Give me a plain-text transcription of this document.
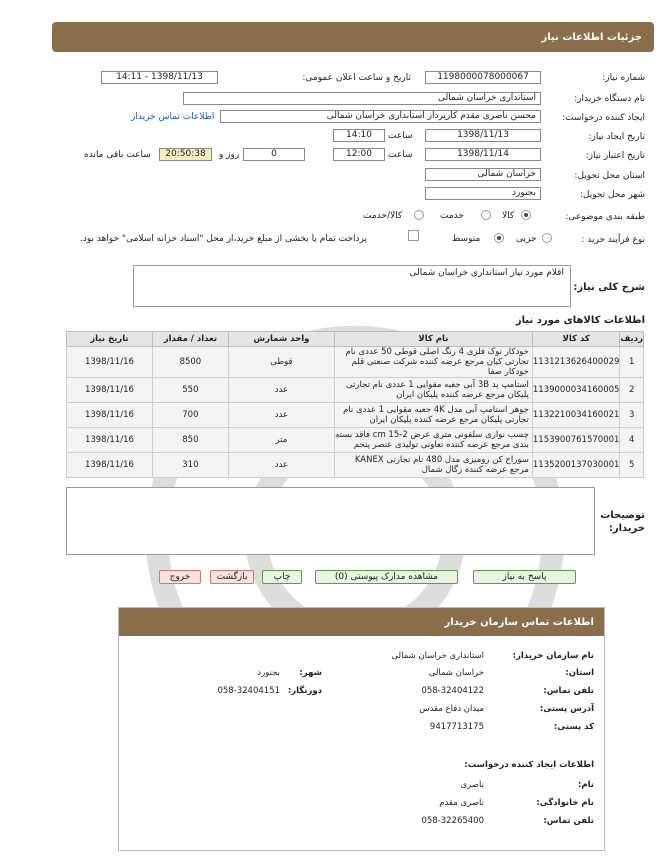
جزئیات اطلاعات نیاز
شماره نیاز:
1198000078000067
تاریخ و ساعت اعلان عمومی:
1398/11/13 - 14:11
نام دستگاه خریدار:
استانداری خراسان شمالی
ایجاد کننده درخواست:
محسن ناصری مقدم کارپرداز استانداری خراسان شمالی
اطلاعات تماس خریدار
تاریخ ایجاد نیاز:
1398/11/13
ساعت
14:10
تاریخ اعتبار نیاز:
1398/11/14
ساعت
12:00
0
روز و
20:50:38
ساعت باقی مانده
استان محل تحویل:
خراسان شمالی
شهر محل تحویل:
بجنورد
طبقه بندی موضوعی:
کالا
خدمت
کالا/خدمت
نوع فرآیند خرید :
جزیی
متوسط
پرداخت تمام یا بخشی از مبلغ خرید،از محل "اسناد خزانه اسلامی" خواهد بود.
شرح کلی نیاز:
اقلام مورد نیاز استانداری خراسان شمالی
اطلاعات کالاهای مورد نیاز
ردیف	کد کالا	نام کالا	واحد شمارش	تعداد / مقدار	تاریخ نیاز
1	1131213626400029	خودکار نوک فلزی 4 رنگ اصلی قوطی 50 عددی نام تجارتی کیان مرجع عرضه کننده شرکت صنعتی قلم خودکار صفا	قوطی	8500	1398/11/16
2	1139000034160005	استامپ پد 3B آبی جعبه مقوایی 1 عددی نام تجارتی پلیکان مرجع عرضه کننده پلیکان ایران	عدد	550	1398/11/16
3	1132210034160021	جوهر استامپ آبی مدل 4K جعبه مقوایی 1 عددی نام تجارتی پلیکان مرجع عرضه کننده پلیکان ایران	عدد	700	1398/11/16
4	1153900761570001	چسب نواری سلفونی متری عرض cm 15-2 فاقد بسته بندی مرجع عرضه کننده تعاونی تولیدی عنصر پنجم	متر	850	1398/11/16
5	1135200137030001	سوراخ کن رومیزی مدل 480 نام تجارتی KANEX مرجع عرضه کننده زگال شمال	عدد	310	1398/11/16
توضیحات خریدار:
پاسخ به نیاز
مشاهده مدارک پیوستی (0)
چاپ
بازگشت
خروج
اطلاعات تماس سازمان خریدار
نام سازمان خریدار:
استانداری خراسان شمالی
استان:
خراسان شمالی
شهر:
بجنورد
تلفن تماس:
058-32404122
دورنگار:
058-32404151
آدرس پستی:
میدان دفاع مقدس
کد پستی:
9417713175
اطلاعات ایجاد کننده درخواست:
نام:
ناصری
نام خانوادگی:
ناصری مقدم
تلفن تماس:
058-32265400
